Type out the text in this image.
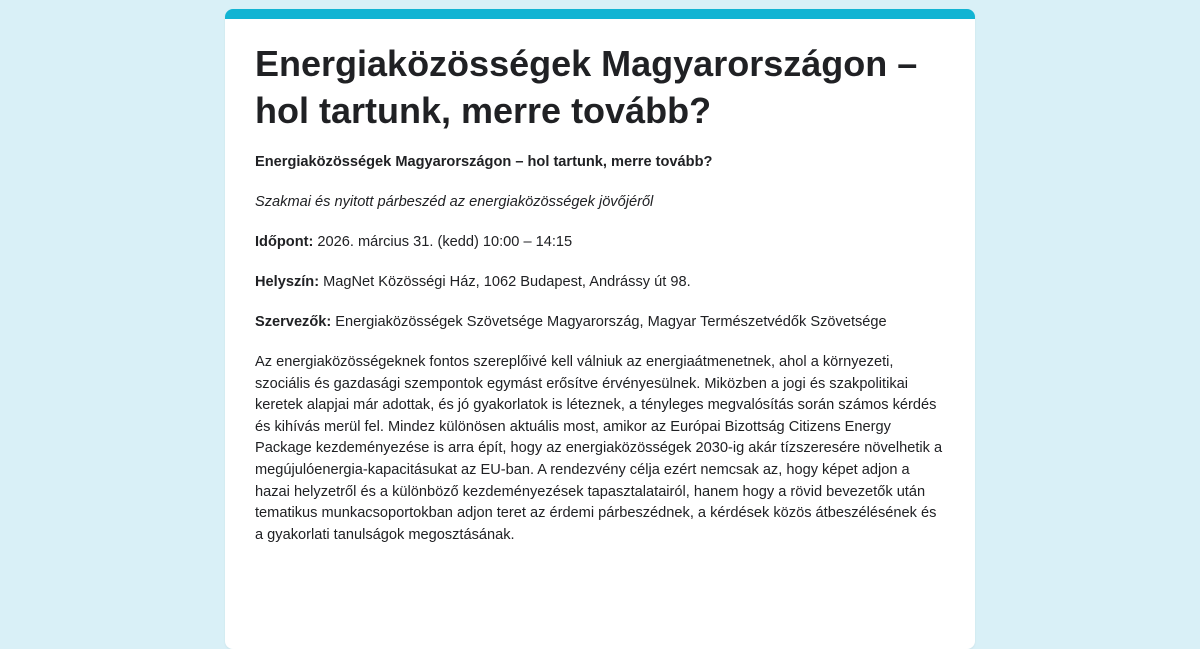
Energiaközösségek Magyarországon – hol tartunk, merre tovább?

Energiaközösségek Magyarországon – hol tartunk, merre tovább?

Szakmai és nyitott párbeszéd az energiaközösségek jövőjéről

Időpont: 2026. március 31. (kedd) 10:00 – 14:15

Helyszín: MagNet Közösségi Ház, 1062 Budapest, Andrássy út 98.

Szervezők: Energiaközösségek Szövetsége Magyarország, Magyar Természetvédők Szövetsége

Az energiaközösségeknek fontos szereplőivé kell válniuk az energiaátmenetnek, ahol a környezeti, szociális és gazdasági szempontok egymást erősítve érvényesülnek. Miközben a jogi és szakpolitikai keretek alapjai már adottak, és jó gyakorlatok is léteznek, a tényleges megvalósítás során számos kérdés és kihívás merül fel. Mindez különösen aktuális most, amikor az Európai Bizottság Citizens Energy Package kezdeményezése is arra épít, hogy az energiaközösségek 2030-ig akár tízszeresére növelhetik a megújulóenergia-kapacitásukat az EU-ban. A rendezvény célja ezért nemcsak az, hogy képet adjon a hazai helyzetről és a különböző kezdeményezések tapasztalatairól, hanem hogy a rövid bevezetők után tematikus munkacsoportokban adjon teret az érdemi párbeszédnek, a kérdések közös átbeszélésének és a gyakorlati tanulságok megosztásának.
